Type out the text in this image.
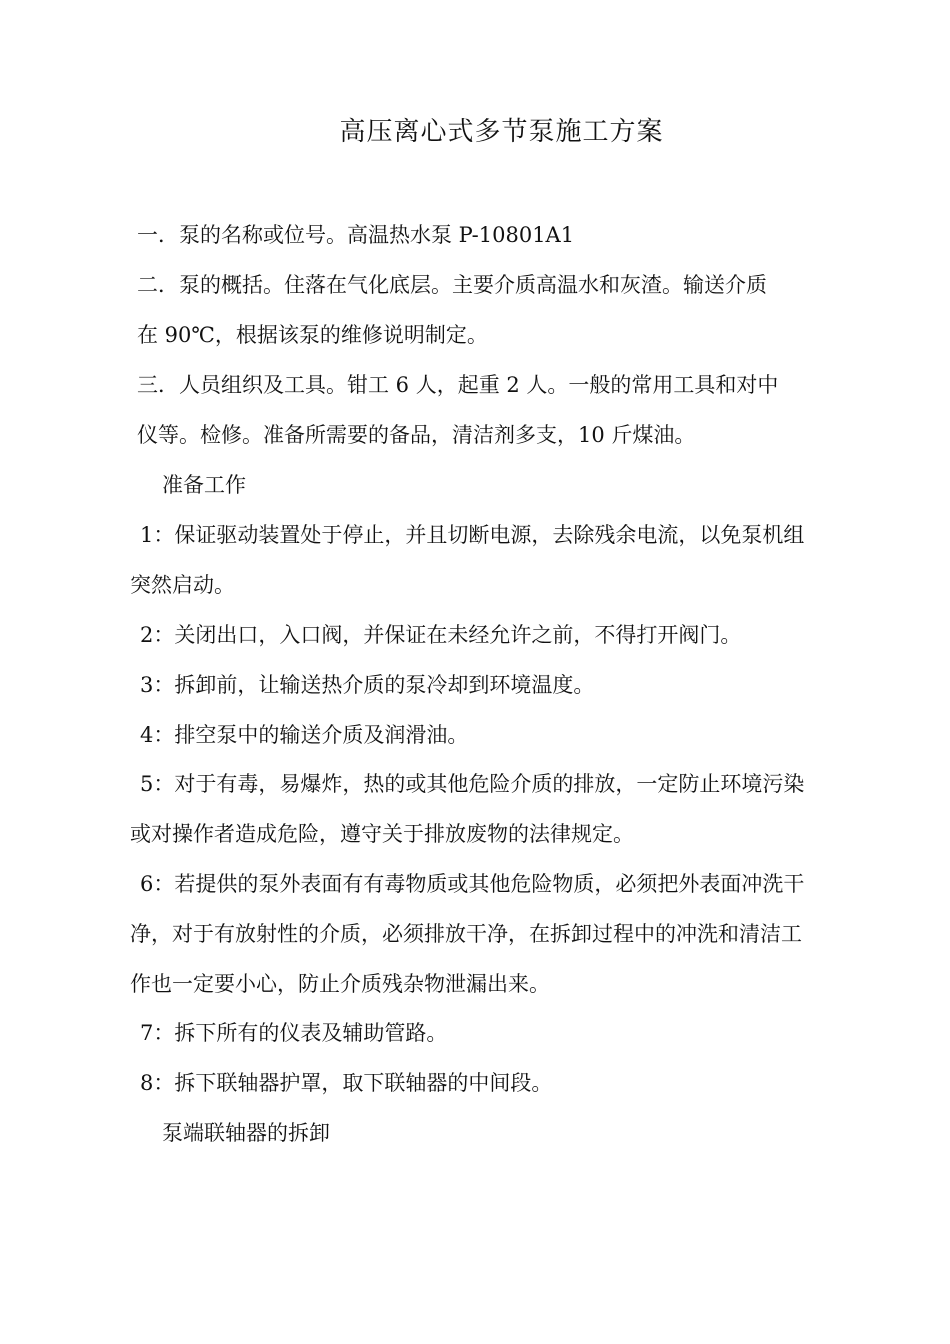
高压离心式多节泵施工方案
一．泵的名称或位号。高温热水泵 P-10801A1
二．泵的概括。住落在气化底层。主要介质高温水和灰渣。输送介质
在 90℃，根据该泵的维修说明制定。
三．人员组织及工具。钳工 6 人，起重 2 人。一般的常用工具和对中
仪等。检修。准备所需要的备品，清洁剂多支，10 斤煤油。
准备工作
1：保证驱动装置处于停止，并且切断电源，去除残余电流，以免泵机组
突然启动。
2：关闭出口，入口阀，并保证在未经允许之前，不得打开阀门。
3：拆卸前，让输送热介质的泵冷却到环境温度。
4：排空泵中的输送介质及润滑油。
5：对于有毒，易爆炸，热的或其他危险介质的排放，一定防止环境污染
或对操作者造成危险，遵守关于排放废物的法律规定。
6：若提供的泵外表面有有毒物质或其他危险物质，必须把外表面冲洗干
净，对于有放射性的介质，必须排放干净，在拆卸过程中的冲洗和清洁工
作也一定要小心，防止介质残杂物泄漏出来。
7：拆下所有的仪表及辅助管路。
8：拆下联轴器护罩，取下联轴器的中间段。
泵端联轴器的拆卸
